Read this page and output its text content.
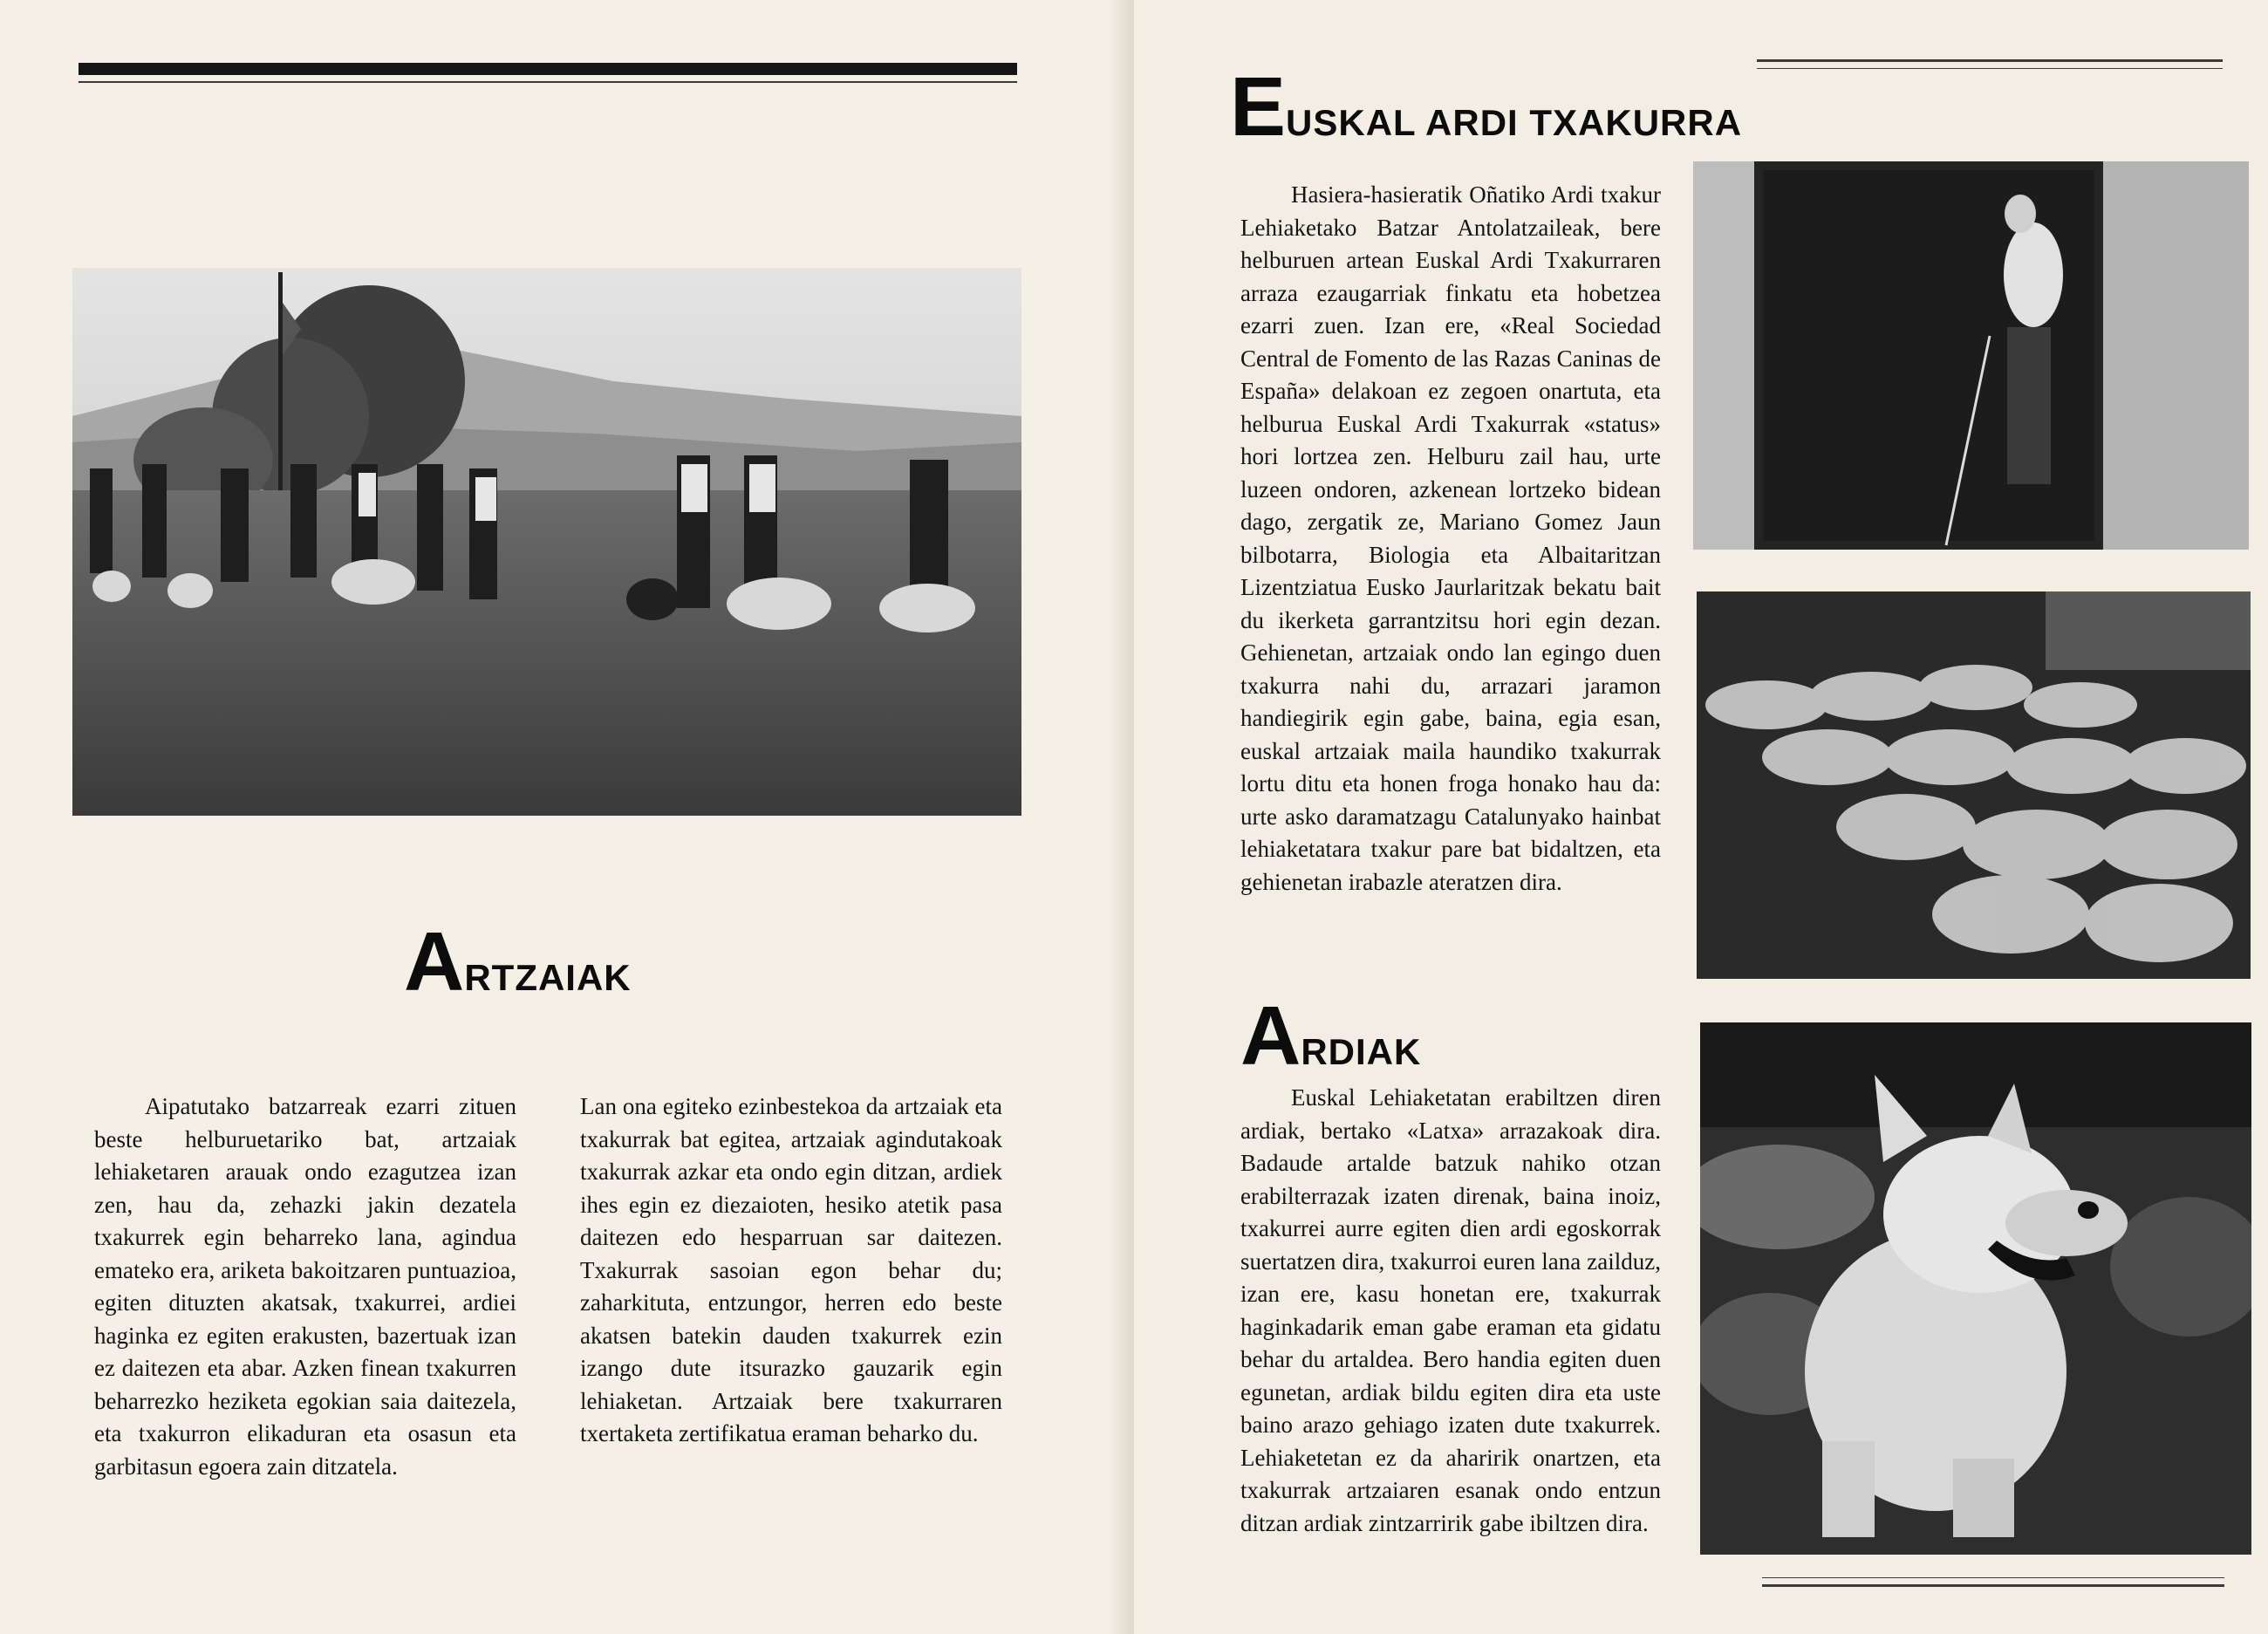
ARTZAIAK

Aipatutako batzarreak ezarri zituen beste helburuetariko bat, artzaiak lehiaketaren arauak ondo ezagutzea izan zen, hau da, zehazki jakin dezatela txakurrek egin beharreko lana, agindua emateko era, ariketa bakoitzaren puntuazioa, egiten dituzten akatsak, txakurrei, ardiei haginka ez egiten erakusten, bazertuak izan ez daitezen eta abar. Azken finean txakurren beharrezko heziketa egokian saia daitezela, eta txakurron elikaduran eta osasun eta garbitasun egoera zain ditzatela.

Lan ona egiteko ezinbestekoa da artzaiak eta txakurrak bat egitea, artzaiak agindutakoak txakurrak azkar eta ondo egin ditzan, ardiek ihes egin ez diezaioten, hesiko atetik pasa daitezen edo hesparruan sar daitezen. Txakurrak sasoian egon behar du; zaharkituta, entzungor, herren edo beste akatsen batekin dauden txakurrek ezin izango dute itsurazko gauzarik egin lehiaketan. Artzaiak bere txakurraren txertaketa zertifikatua eraman beharko du.

EUSKAL ARDI TXAKURRA

Hasiera-hasieratik Oñatiko Ardi txakur Lehiaketako Batzar Antolatzaileak, bere helburuen artean Euskal Ardi Txakurraren arraza ezaugarriak finkatu eta hobetzea ezarri zuen. Izan ere, «Real Sociedad Central de Fomento de las Razas Caninas de España» delakoan ez zegoen onartuta, eta helburua Euskal Ardi Txakurrak «status» hori lortzea zen. Helburu zail hau, urte luzeen ondoren, azkenean lortzeko bidean dago, zergatik ze, Mariano Gomez Jaun bilbotarra, Biologia eta Albaitaritzan Lizentziatua Eusko Jaurlaritzak bekatu bait du ikerketa garrantzitsu hori egin dezan. Gehienetan, artzaiak ondo lan egingo duen txakurra nahi du, arrazari jaramon handiegirik egin gabe, baina, egia esan, euskal artzaiak maila haundiko txakurrak lortu ditu eta honen froga honako hau da: urte asko daramatzagu Catalunyako hainbat lehiaketatara txakur pare bat bidaltzen, eta gehienetan irabazle ateratzen dira.

ARDIAK

Euskal Lehiaketatan erabiltzen diren ardiak, bertako «Latxa» arrazakoak dira. Badaude artalde batzuk nahiko otzan erabilterrazak izaten direnak, baina inoiz, txakurrei aurre egiten dien ardi egoskorrak suertatzen dira, txakurroi euren lana zailduz, izan ere, kasu honetan ere, txakurrak haginkadarik eman gabe eraman eta gidatu behar du artaldea. Bero handia egiten duen egunetan, ardiak bildu egiten dira eta uste baino arazo gehiago izaten dute txakurrek. Lehiaketetan ez da aharirik onartzen, eta txakurrak artzaiaren esanak ondo entzun ditzan ardiak zintzarririk gabe ibiltzen dira.
